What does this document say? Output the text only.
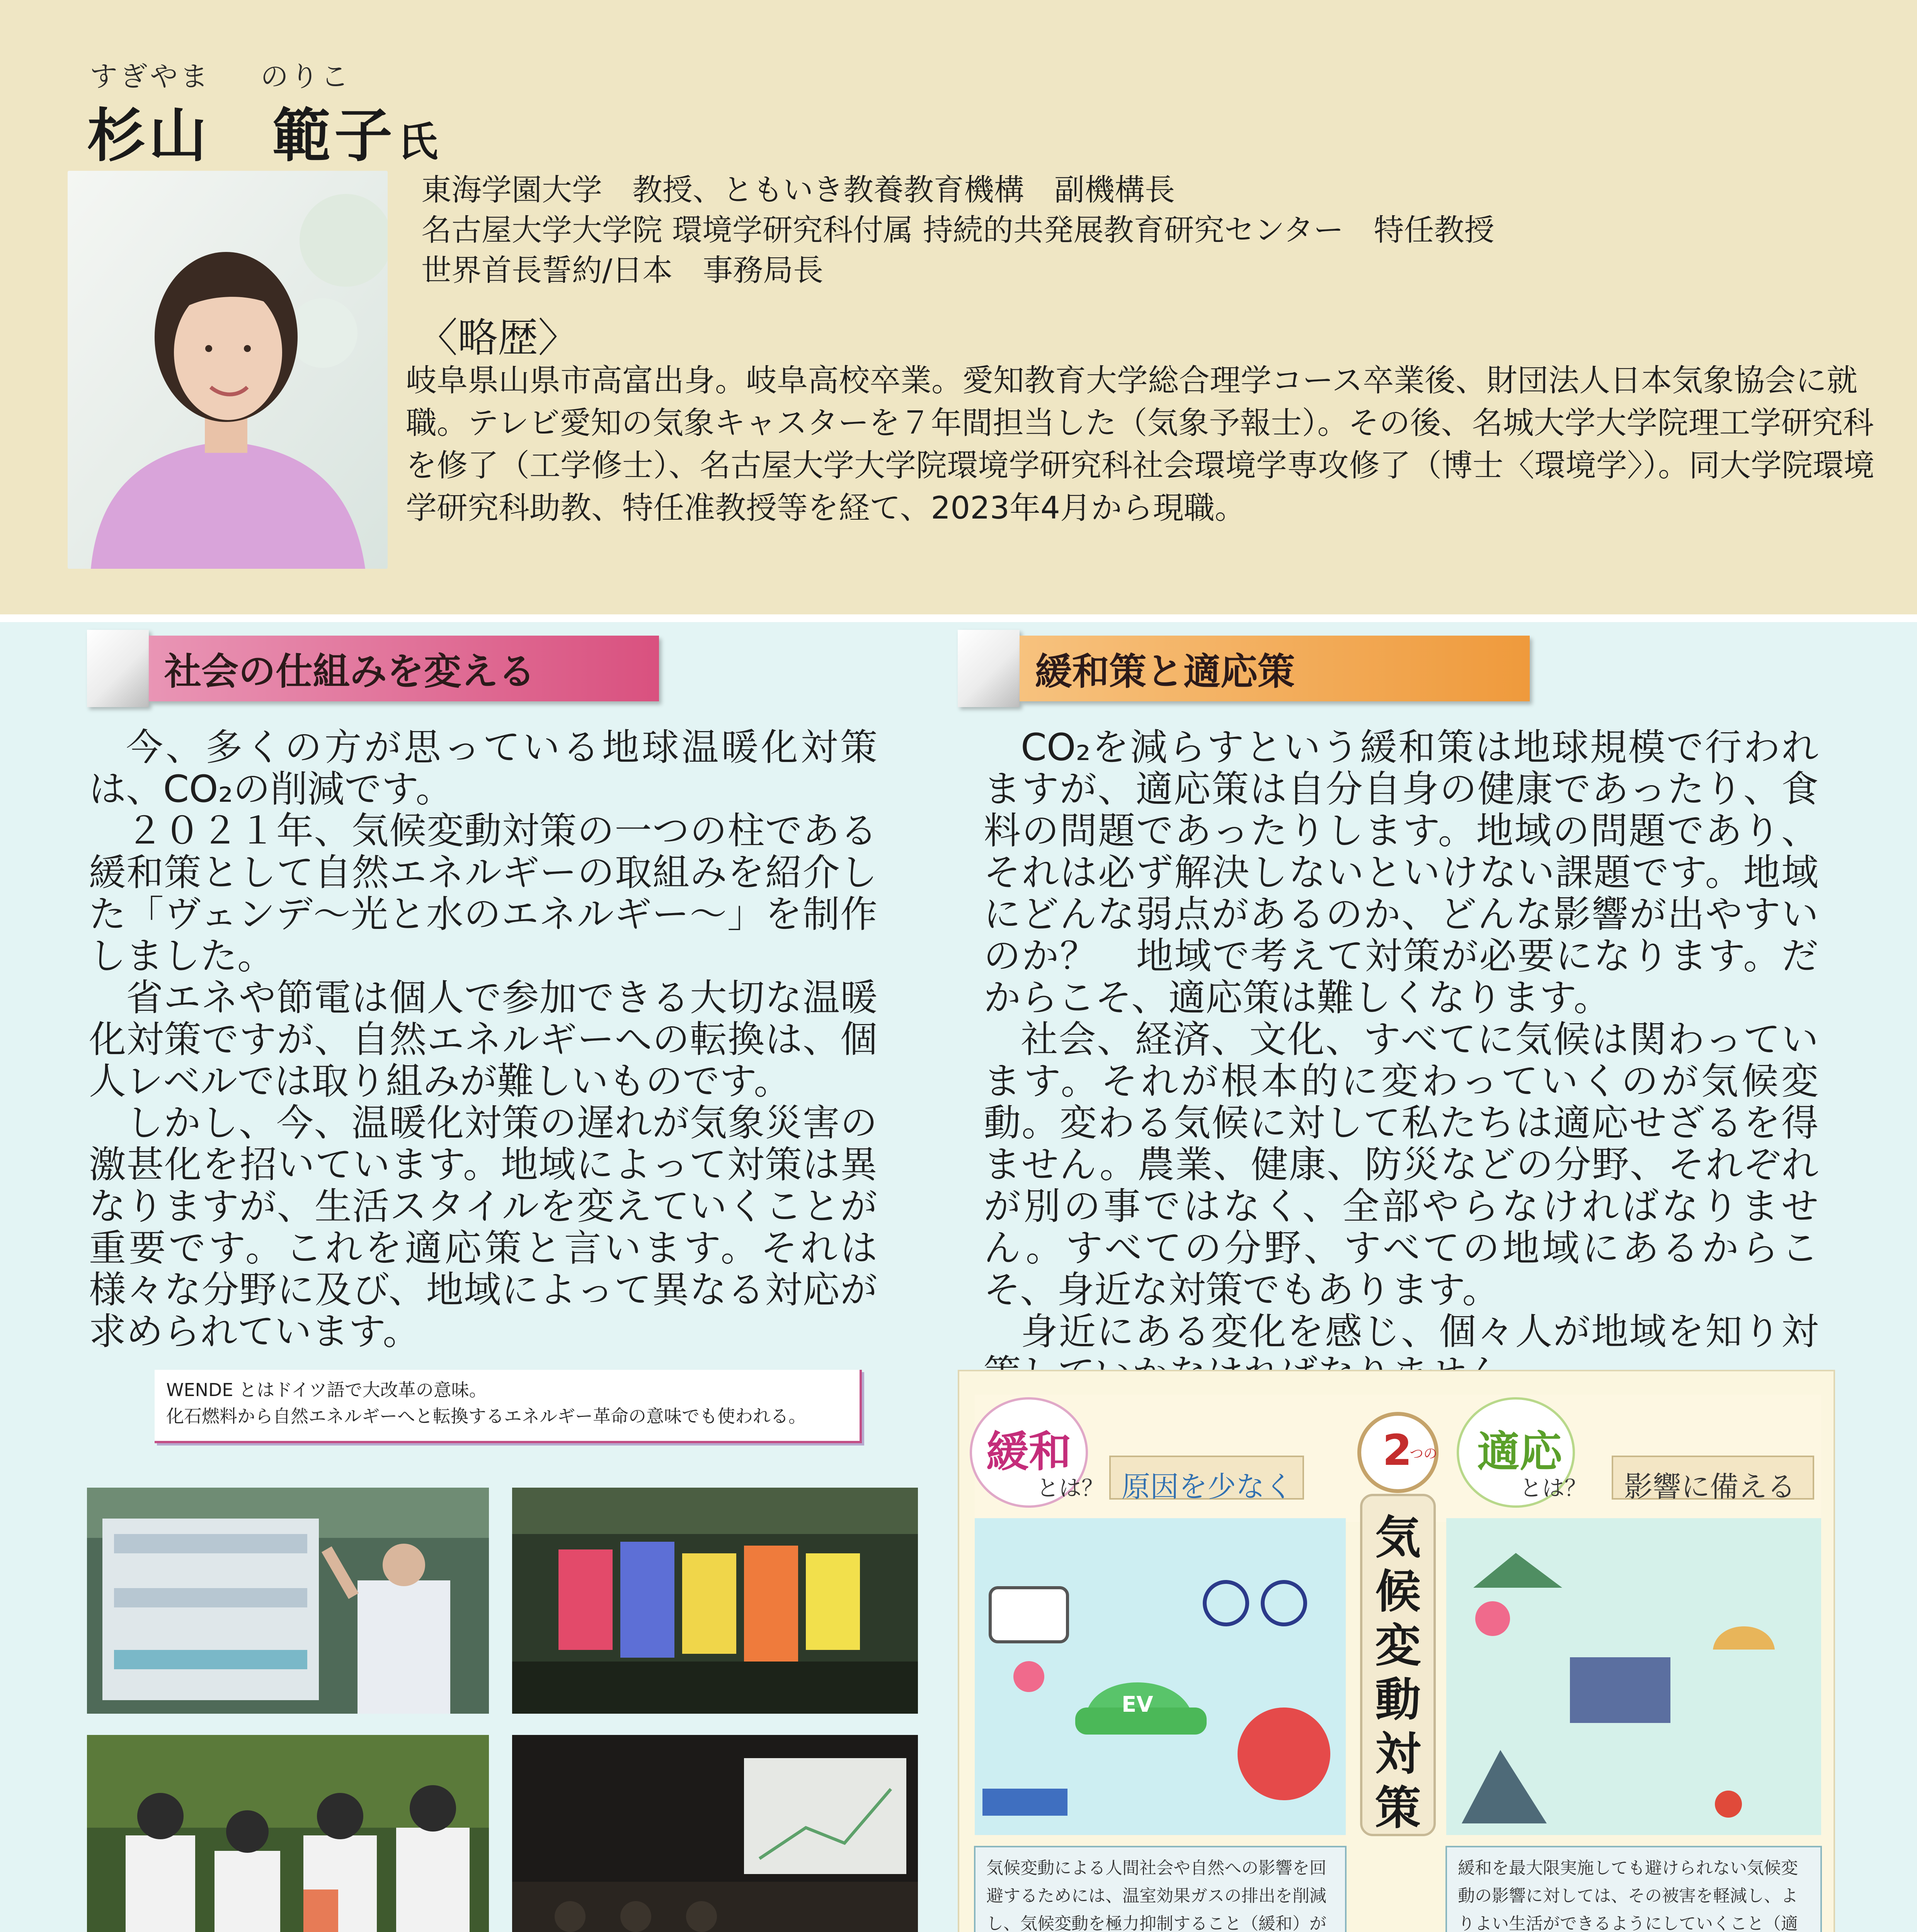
すぎやま のりこ
杉山　範子氏
東海学園大学　教授、ともいき教養教育機構　副機構長
名古屋大学大学院 環境学研究科付属 持続的共発展教育研究センター　特任教授
世界首長誓約/日本　事務局長
〈略歴〉
岐阜県山県市高富出身。岐阜高校卒業。愛知教育大学総合理学コース卒業後、財団法人日本気象協会に就職。テレビ愛知の気象キャスターを７年間担当した（気象予報士）。その後、名城大学大学院理工学研究科を修了（工学修士）、名古屋大学大学院環境学研究科社会環境学専攻修了（博士〈環境学〉）。同大学院環境学研究科助教、特任准教授等を経て、2023年4月から現職。
社会の仕組みを変える	緩和策と適応策

今、多くの方が思っている地球温暖化対策は、CO₂の削減です。

２０２１年、気候変動対策の一つの柱である緩和策として自然エネルギーの取組みを紹介した「ヴェンデ～光と水のエネルギー～」を制作しました。

省エネや節電は個人で参加できる大切な温暖化対策ですが、自然エネルギーへの転換は、個人レベルでは取り組みが難しいものです。

しかし、今、温暖化対策の遅れが気象災害の激甚化を招いています。地域によって対策は異なりますが、生活スタイルを変えていくことが重要です。これを適応策と言います。それは様々な分野に及び、地域によって異なる対応が求められています。

CO₂を減らすという緩和策は地球規模で行われますが、適応策は自分自身の健康であったり、食料の問題であったりします。地域の問題であり、それは必ず解決しないといけない課題です。地域にどんな弱点があるのか、どんな影響が出やすいのか？　地域で考えて対策が必要になります。だからこそ、適応策は難しくなります。

社会、経済、文化、すべてに気候は関わっています。それが根本的に変わっていくのが気候変動。変わる気候に対して私たちは適応せざるを得ません。農業、健康、防災などの分野、それぞれが別の事ではなく、全部やらなければなりません。すべての分野、すべての地域にあるからこそ、身近な対策でもあります。

身近にある変化を感じ、個々人が地域を知り対

WENDE とはドイツ語で大改革の意味。
化石燃料から自然エネルギーへと転換するエネルギー革命の意味でも使われる。
緩和
とは？ 原因を少なく
2
つの 適応
とは？ 影響に備える
気候変動対策
EV
気候変動による人間社会や自然への影響を回避するためには、温室効果ガスの排出を削減し、気候変動を極力抑制すること（緩和）が
緩和を最大限実施しても避けられない気候変動の影響に対しては、その被害を軽減し、よりよい生活ができるようにしていくこと（適
